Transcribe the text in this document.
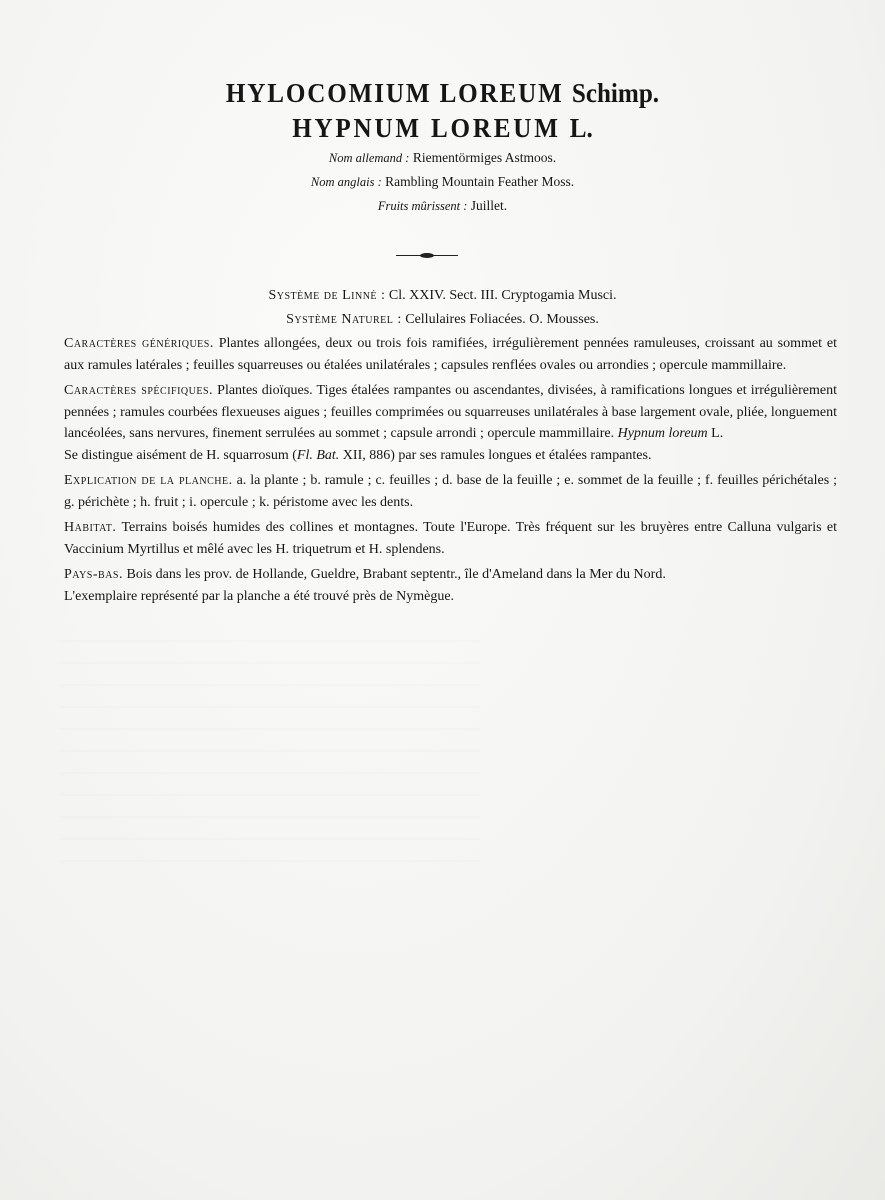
HYLOCOMIUM LOREUM Schimp.

HYPNUM LOREUM L.

Nom allemand : Riementörmiges Astmoos.

Nom anglais : Rambling Mountain Feather Moss.

Fruits mûrissent : Juillet.

Système de Linné : Cl. XXIV. Sect. III. Cryptogamia Musci.

Système Naturel : Cellulaires Foliacées. O. Mousses.

Caractères génériques. Plantes allongées, deux ou trois fois ramifiées, irrégulièrement pennées ramuleuses, croissant au sommet et aux ramules latérales ; feuilles squarreuses ou étalées unilatérales ; capsules renflées ovales ou arrondies ; opercule mammillaire.

Caractères spécifiques. Plantes dioïques. Tiges étalées rampantes ou ascendantes, divisées, à ramifications longues et irrégulièrement pennées ; ramules courbées flexueuses aigues ; feuilles comprimées ou squarreuses unilatérales à base largement ovale, pliée, longuement lancéolées, sans nervures, finement serrulées au sommet ; capsule arrondi ; opercule mammillaire. Hypnum loreum L.

Se distingue aisément de H. squarrosum (Fl. Bat. XII, 886) par ses ramules longues et étalées rampantes.

Explication de la planche. a. la plante ; b. ramule ; c. feuilles ; d. base de la feuille ; e. sommet de la feuille ; f. feuilles périchétales ; g. périchète ; h. fruit ; i. opercule ; k. péristome avec les dents.

Habitat. Terrains boisés humides des collines et montagnes. Toute l'Europe. Très fréquent sur les bruyères entre Calluna vulgaris et Vaccinium Myrtillus et mêlé avec les H. triquetrum et H. splendens.

Pays-bas. Bois dans les prov. de Hollande, Gueldre, Brabant septentr., île d'Ameland dans la Mer du Nord.

L'exemplaire représenté par la planche a été trouvé près de Nymègue.
